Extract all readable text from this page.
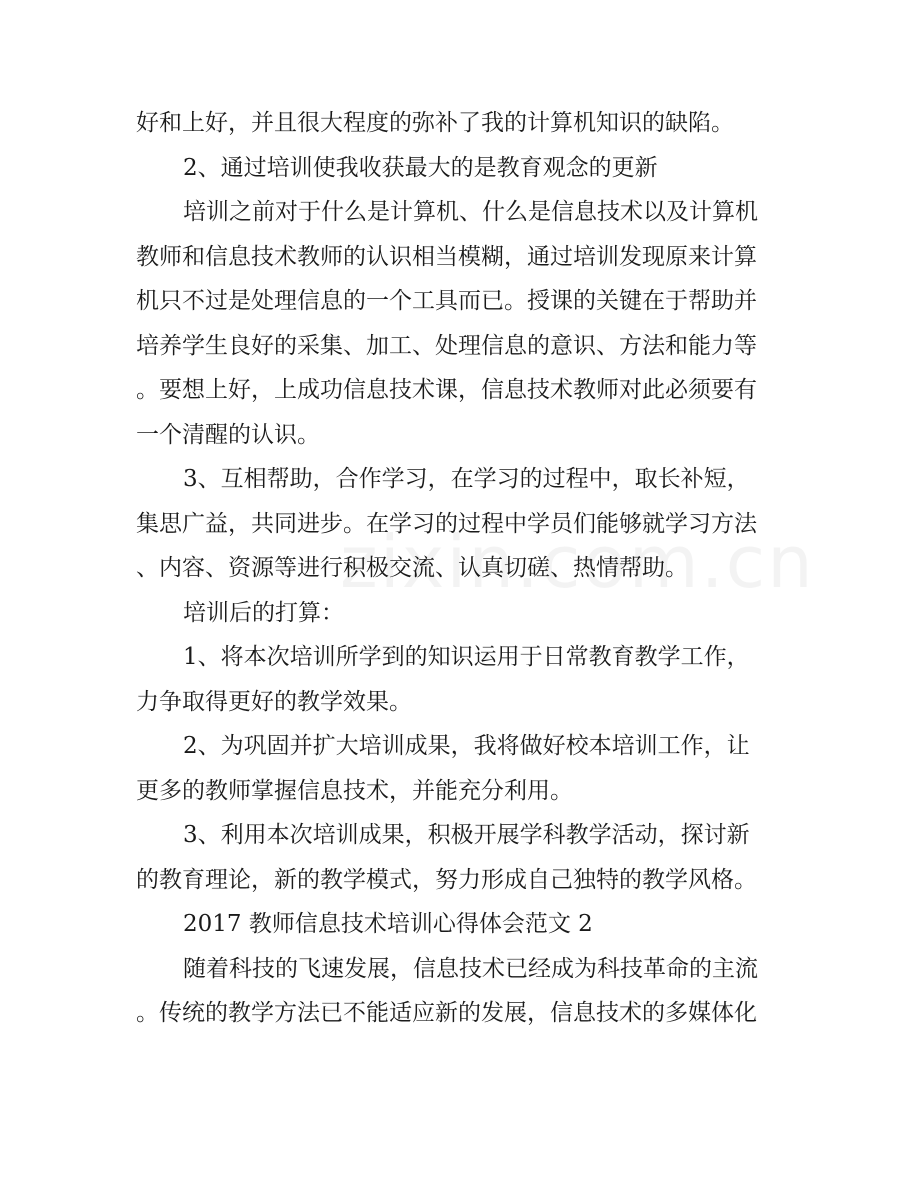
好和上好，并且很大程度的弥补了我的计算机知识的缺陷。

2、通过培训使我收获最大的是教育观念的更新

培训之前对于什么是计算机、什么是信息技术以及计算机

教师和信息技术教师的认识相当模糊，通过培训发现原来计算

机只不过是处理信息的一个工具而已。授课的关键在于帮助并

培养学生良好的采集、加工、处理信息的意识、方法和能力等

。要想上好，上成功信息技术课，信息技术教师对此必须要有

一个清醒的认识。

3、互相帮助，合作学习，在学习的过程中，取长补短，

集思广益，共同进步。在学习的过程中学员们能够就学习方法

、内容、资源等进行积极交流、认真切磋、热情帮助。

培训后的打算：

1、将本次培训所学到的知识运用于日常教育教学工作，

力争取得更好的教学效果。

2、为巩固并扩大培训成果，我将做好校本培训工作，让

更多的教师掌握信息技术，并能充分利用。

3、利用本次培训成果，积极开展学科教学活动，探讨新

的教育理论，新的教学模式，努力形成自己独特的教学风格。

2017 教师信息技术培训心得体会范文 2

随着科技的飞速发展，信息技术已经成为科技革命的主流

。传统的教学方法已不能适应新的发展，信息技术的多媒体化
